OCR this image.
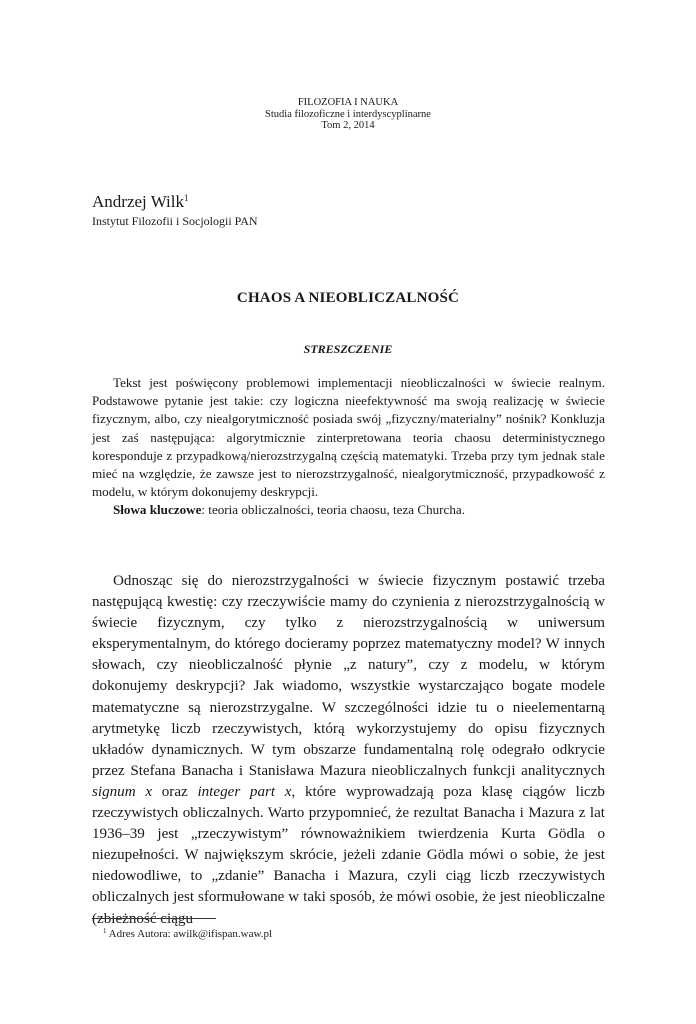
FILOZOFIA I NAUKA
Studia filozoficzne i interdyscyplinarne
Tom 2, 2014
Andrzej Wilk$^1$
Instytut Filozofii i Socjologii PAN
CHAOS A NIEOBLICZALNOŚĆ
STRESZCZENIE

Tekst jest poświęcony problemowi implementacji nieobliczalności w świecie realnym. Podstawowe pytanie jest takie: czy logiczna nieefektywność ma swoją realizację w świecie fizycznym, albo, czy niealgorytmiczność posiada swój „fizyczny/materialny” nośnik? Konkluzja jest zaś następująca: algorytmicznie zinterpretowana teoria chaosu deterministycznego koresponduje z przypadkową/nierozstrzygalną częścią matematyki. Trzeba przy tym jednak stale mieć na względzie, że zawsze jest to nierozstrzygalność, niealgorytmiczność, przypadkowość z modelu, w którym dokonujemy deskrypcji.

Słowa kluczowe: teoria obliczalności, teoria chaosu, teza Churcha.

Odnosząc się do nierozstrzygalności w świecie fizycznym postawić trzeba następującą kwestię: czy rzeczywiście mamy do czynienia z nierozstrzygalnością w świecie fizycznym, czy tylko z nierozstrzygalnością w uniwersum eksperymentalnym, do którego docieramy poprzez matematyczny model? W innych słowach, czy nieobliczalność płynie „z natury”, czy z modelu, w którym dokonujemy deskrypcji? Jak wiadomo, wszystkie wystarczająco bogate modele matematyczne są nierozstrzygalne. W szczególności idzie tu o nieelementarną arytmetykę liczb rzeczywistych, którą wykorzystujemy do opisu fizycznych układów dynamicznych. W tym obszarze fundamentalną rolę odegrało odkrycie przez Stefana Banacha i Stanisława Mazura nieobliczalnych funkcji analitycznych signum x oraz integer part x, które wyprowadzają poza klasę ciągów liczb rzeczywistych obliczalnych. Warto przypomnieć, że rezultat Banacha i Mazura z lat 1936–39 jest „rzeczywistym” równoważnikiem twierdzenia Kurta Gödla o niezupełności. W największym skrócie, jeżeli zdanie Gödla mówi o sobie, że jest niedowodliwe, to „zdanie” Banacha i Mazura, czyli ciąg liczb rzeczywistych obliczalnych jest sformułowane w taki sposób, że mówi osobie, że jest nieobliczalne (zbieżność ciągu

$^1$ Adres Autora: awilk@ifispan.waw.pl
